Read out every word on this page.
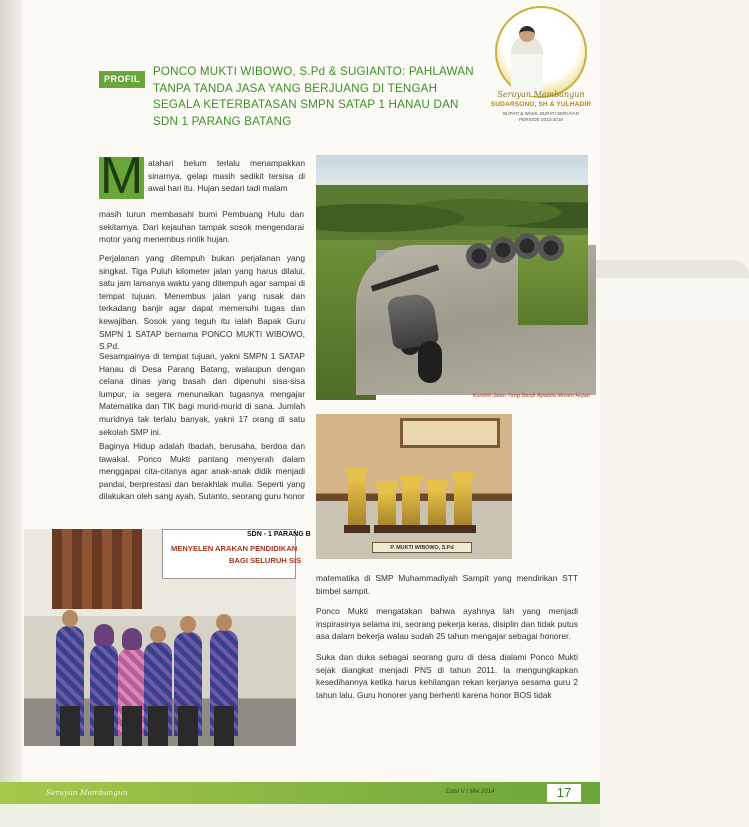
Seruyan Membangun
SUDARSONO, SH & YULHADIR
BUPATI & WAKIL BUPATI SERUYAN
PERIODE 2013-2018
PROFIL
PONCO MUKTI WIBOWO, S.Pd & SUGIANTO: PAHLAWAN TANPA TANDA JASA YANG BERJUANG DI TENGAH SEGALA KETERBATASAN SMPN SATAP 1 HANAU DAN SDN 1 PARANG BATANG
M atahari belum terlalu menampakkan sinarnya, gelap masih sedikit tersisa di awal hari itu. Hujan sedari tadi malam
masih turun membasahi bumi Pembuang Hulu dan sekitarnya. Dari kejauhan tampak sosok mengendarai motor yang menembus rintik hujan.
Perjalanan yang ditempuh bukan perjalanan yang singkat. Tiga Puluh kilometer jalan yang harus dilalui, satu jam lamanya waktu yang ditempuh agar sampai di tempat tujuan. Menembus jalan yang rusak dan terkadang banjir agar dapat memenuhi tugas dan kewajiban. Sosok yang teguh itu ialah Bapak Guru SMPN 1 SATAP bernama PONCO MUKTI WIBOWO, S.Pd.
Sesampainya di tempat tujuan, yakni SMPN 1 SATAP Hanau di Desa Parang Batang, walaupun dengan celana dinas yang basah dan dipenuhi sisa-sisa lumpur, ia segera menunaikan tugasnya mengajar Matematika dan TIK bagi murid-murid di sana. Jumlah muridnya tak terlalu banyak, yakni 17 orang di satu sekolah SMP ini.
Baginya Hidup adalah Ibadah, berusaha, berdoa dan tawakal. Ponco Mukti pantang menyerah dalam menggapai cita-citanya agar anak-anak didik menjadi pandai, berprestasi dan berakhlak mulia. Seperti yang dilakukan oleh sang ayah, Sutanto, seorang guru honor
Kondisi Jalan Yang Banjir Apabila Musim Hujan
P. MUKTI WIBOWO, S.Pd
SDN - 1 PARANG B
MENYELEN ARAKAN PENDIDIKAN
BAGI SELURUH SIS

matematika di SMP Muhammadiyah Sampit yang mendirikan STT bimbel sampit.

Ponco Mukti mengatakan bahwa ayahnya lah yang menjadi inspirasinya selama ini, seorang pekerja keras, disiplin dan tidak putus asa dalam bekerja walau sudah 25 tahun mengajar sebagai honorer.

Suka dan duka sebagai seorang guru di desa dialami Ponco Mukti sejak diangkat menjadi PNS di tahun 2011. Ia mengungkapkan kesedihannya ketika harus kehilangan rekan kerjanya sesama guru 2 tahun lalu. Guru honorer yang berhenti karena honor BOS tidak

Seruyan Membangun	Edisi V / Mei 2014	17
